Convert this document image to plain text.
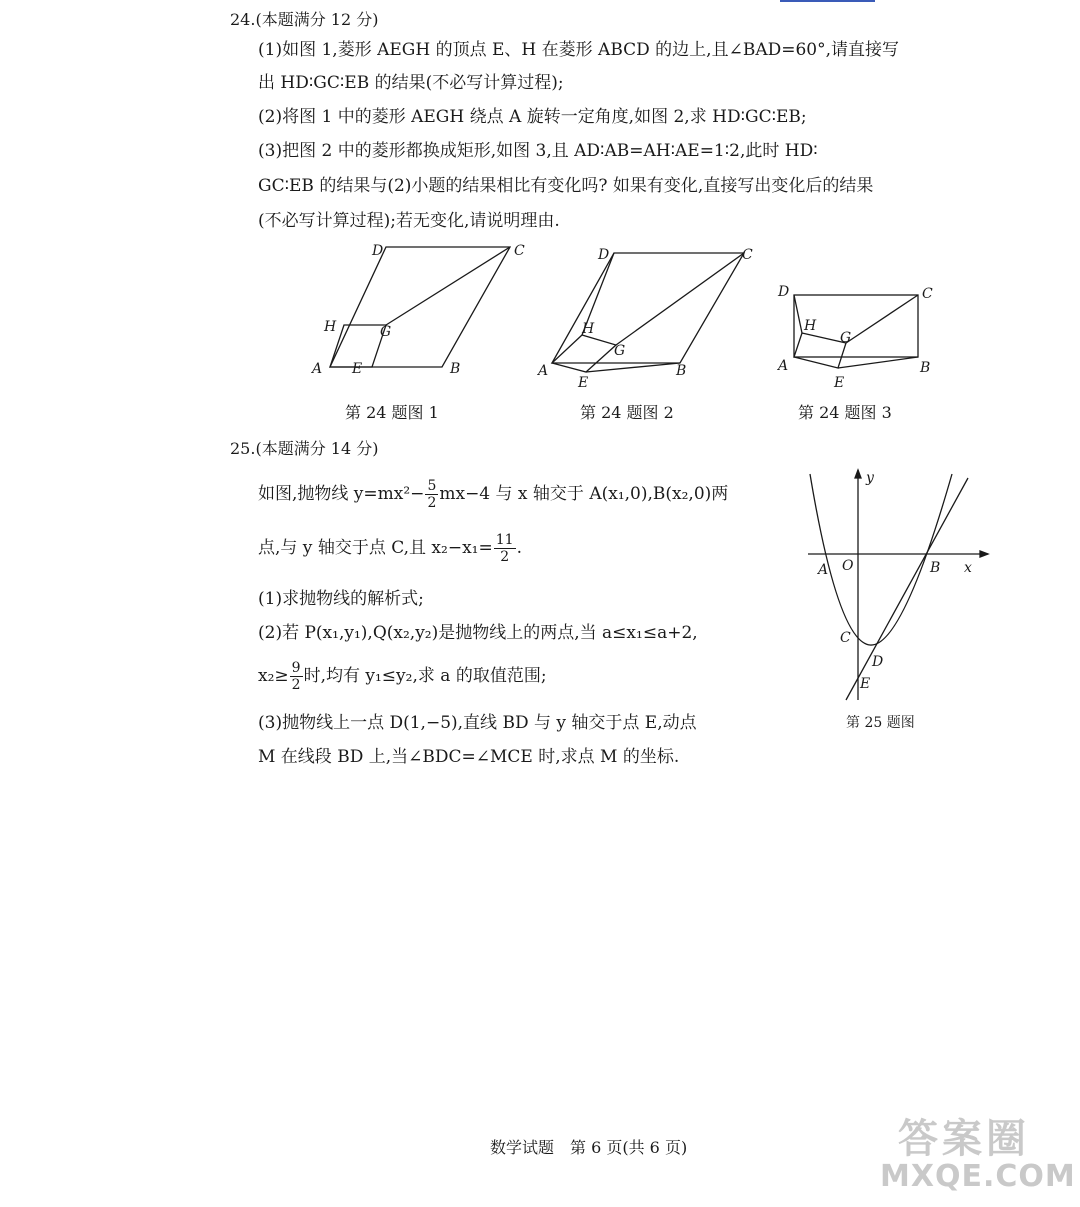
24.(本题满分 12 分)
(1)如图 1,菱形 AEGH 的顶点 E、H 在菱形 ABCD 的边上,且∠BAD=60°,请直接写
出 HD∶GC∶EB 的结果(不必写计算过程);
(2)将图 1 中的菱形 AEGH 绕点 A 旋转一定角度,如图 2,求 HD∶GC∶EB;
(3)把图 2 中的菱形都换成矩形,如图 3,且 AD∶AB=AH∶AE=1∶2,此时 HD∶
GC∶EB 的结果与(2)小题的结果相比有变化吗? 如果有变化,直接写出变化后的结果
(不必写计算过程);若无变化,请说明理由.
A	B
C
D
E
G
H
第 24 题图 1
A	B
C
D
E
G
H
第 24 题图 2
A	B
C
D
E
G
H
第 24 题图 3
25.(本题满分 14 分)
如图,抛物线 $y=mx^2- \frac{5}{2} mx-4$ 与 x 轴交于 A(x₁,0),B(x₂,0)两
点,与 y 轴交于点 C,且 $x_2-x_1= \frac{11}{2}$ .
(1)求抛物线的解析式;
(2)若 P(x₁,y₁),Q(x₂,y₂)是抛物线上的两点,当 a≤x₁≤a+2,
$x_2\ge \frac{9}{2}$ 时,均有 y₁≤y₂,求 a 的取值范围;
(3)抛物线上一点 D(1,−5),直线 BD 与 y 轴交于点 E,动点
M 在线段 BD 上,当∠BDC=∠MCE 时,求点 M 的坐标.
y
x
O
A	B
C
D
E
第 25 题图
数学试题　第 6 页(共 6 页)	答案圈
MXQE.COM
